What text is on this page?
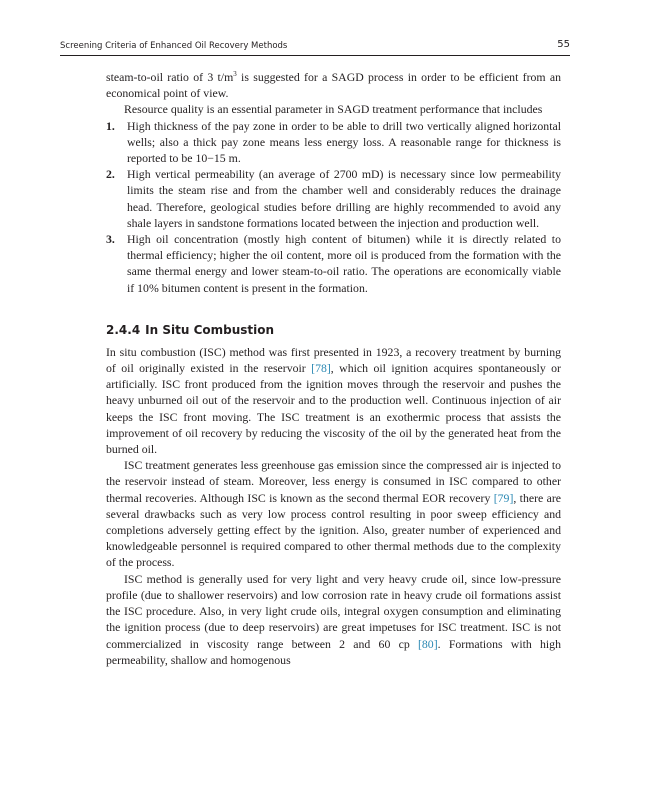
Screening Criteria of Enhanced Oil Recovery Methods	55

steam-to-oil ratio of 3 $t/m^3$ is suggested for a SAGD process in order to be efficient from an economical point of view.

Resource quality is an essential parameter in SAGD treatment performance that includes

1. High thickness of the pay zone in order to be able to drill two vertically aligned horizontal wells; also a thick pay zone means less energy loss. A reasonable range for thickness is reported to be 10−15 m.
2. High vertical permeability (an average of 2700 mD) is necessary since low permeability limits the steam rise and from the chamber well and considerably reduces the drainage head. Therefore, geological studies before drilling are highly recommended to avoid any shale layers in sandstone formations located between the injection and production well.
3. High oil concentration (mostly high content of bitumen) while it is directly related to thermal efficiency; higher the oil content, more oil is produced from the formation with the same thermal energy and lower steam-to-oil ratio. The operations are economically viable if 10% bitumen content is present in the formation.
2.4.4 In Situ Combustion

In situ combustion (ISC) method was first presented in 1923, a recovery treatment by burning of oil originally existed in the reservoir [78], which oil ignition acquires spontaneously or artificially. ISC front produced from the ignition moves through the reservoir and pushes the heavy unburned oil out of the reservoir and to the production well. Continuous injection of air keeps the ISC front moving. The ISC treatment is an exothermic process that assists the improvement of oil recovery by reducing the viscosity of the oil by the generated heat from the burned oil.

ISC treatment generates less greenhouse gas emission since the compressed air is injected to the reservoir instead of steam. Moreover, less energy is consumed in ISC compared to other thermal recoveries. Although ISC is known as the second thermal EOR recovery [79], there are several drawbacks such as very low process control resulting in poor sweep efficiency and completions adversely getting effect by the ignition. Also, greater number of experienced and knowledgeable personnel is required compared to other thermal methods due to the complexity of the process.

ISC method is generally used for very light and very heavy crude oil, since low-pressure profile (due to shallower reservoirs) and low corrosion rate in heavy crude oil formations assist the ISC procedure. Also, in very light crude oils, integral oxygen consumption and eliminating the ignition process (due to deep reservoirs) are great impetuses for ISC treatment. ISC is not commercialized in viscosity range between 2 and 60 cp [80]. Formations with high permeability, shallow and homogenous
